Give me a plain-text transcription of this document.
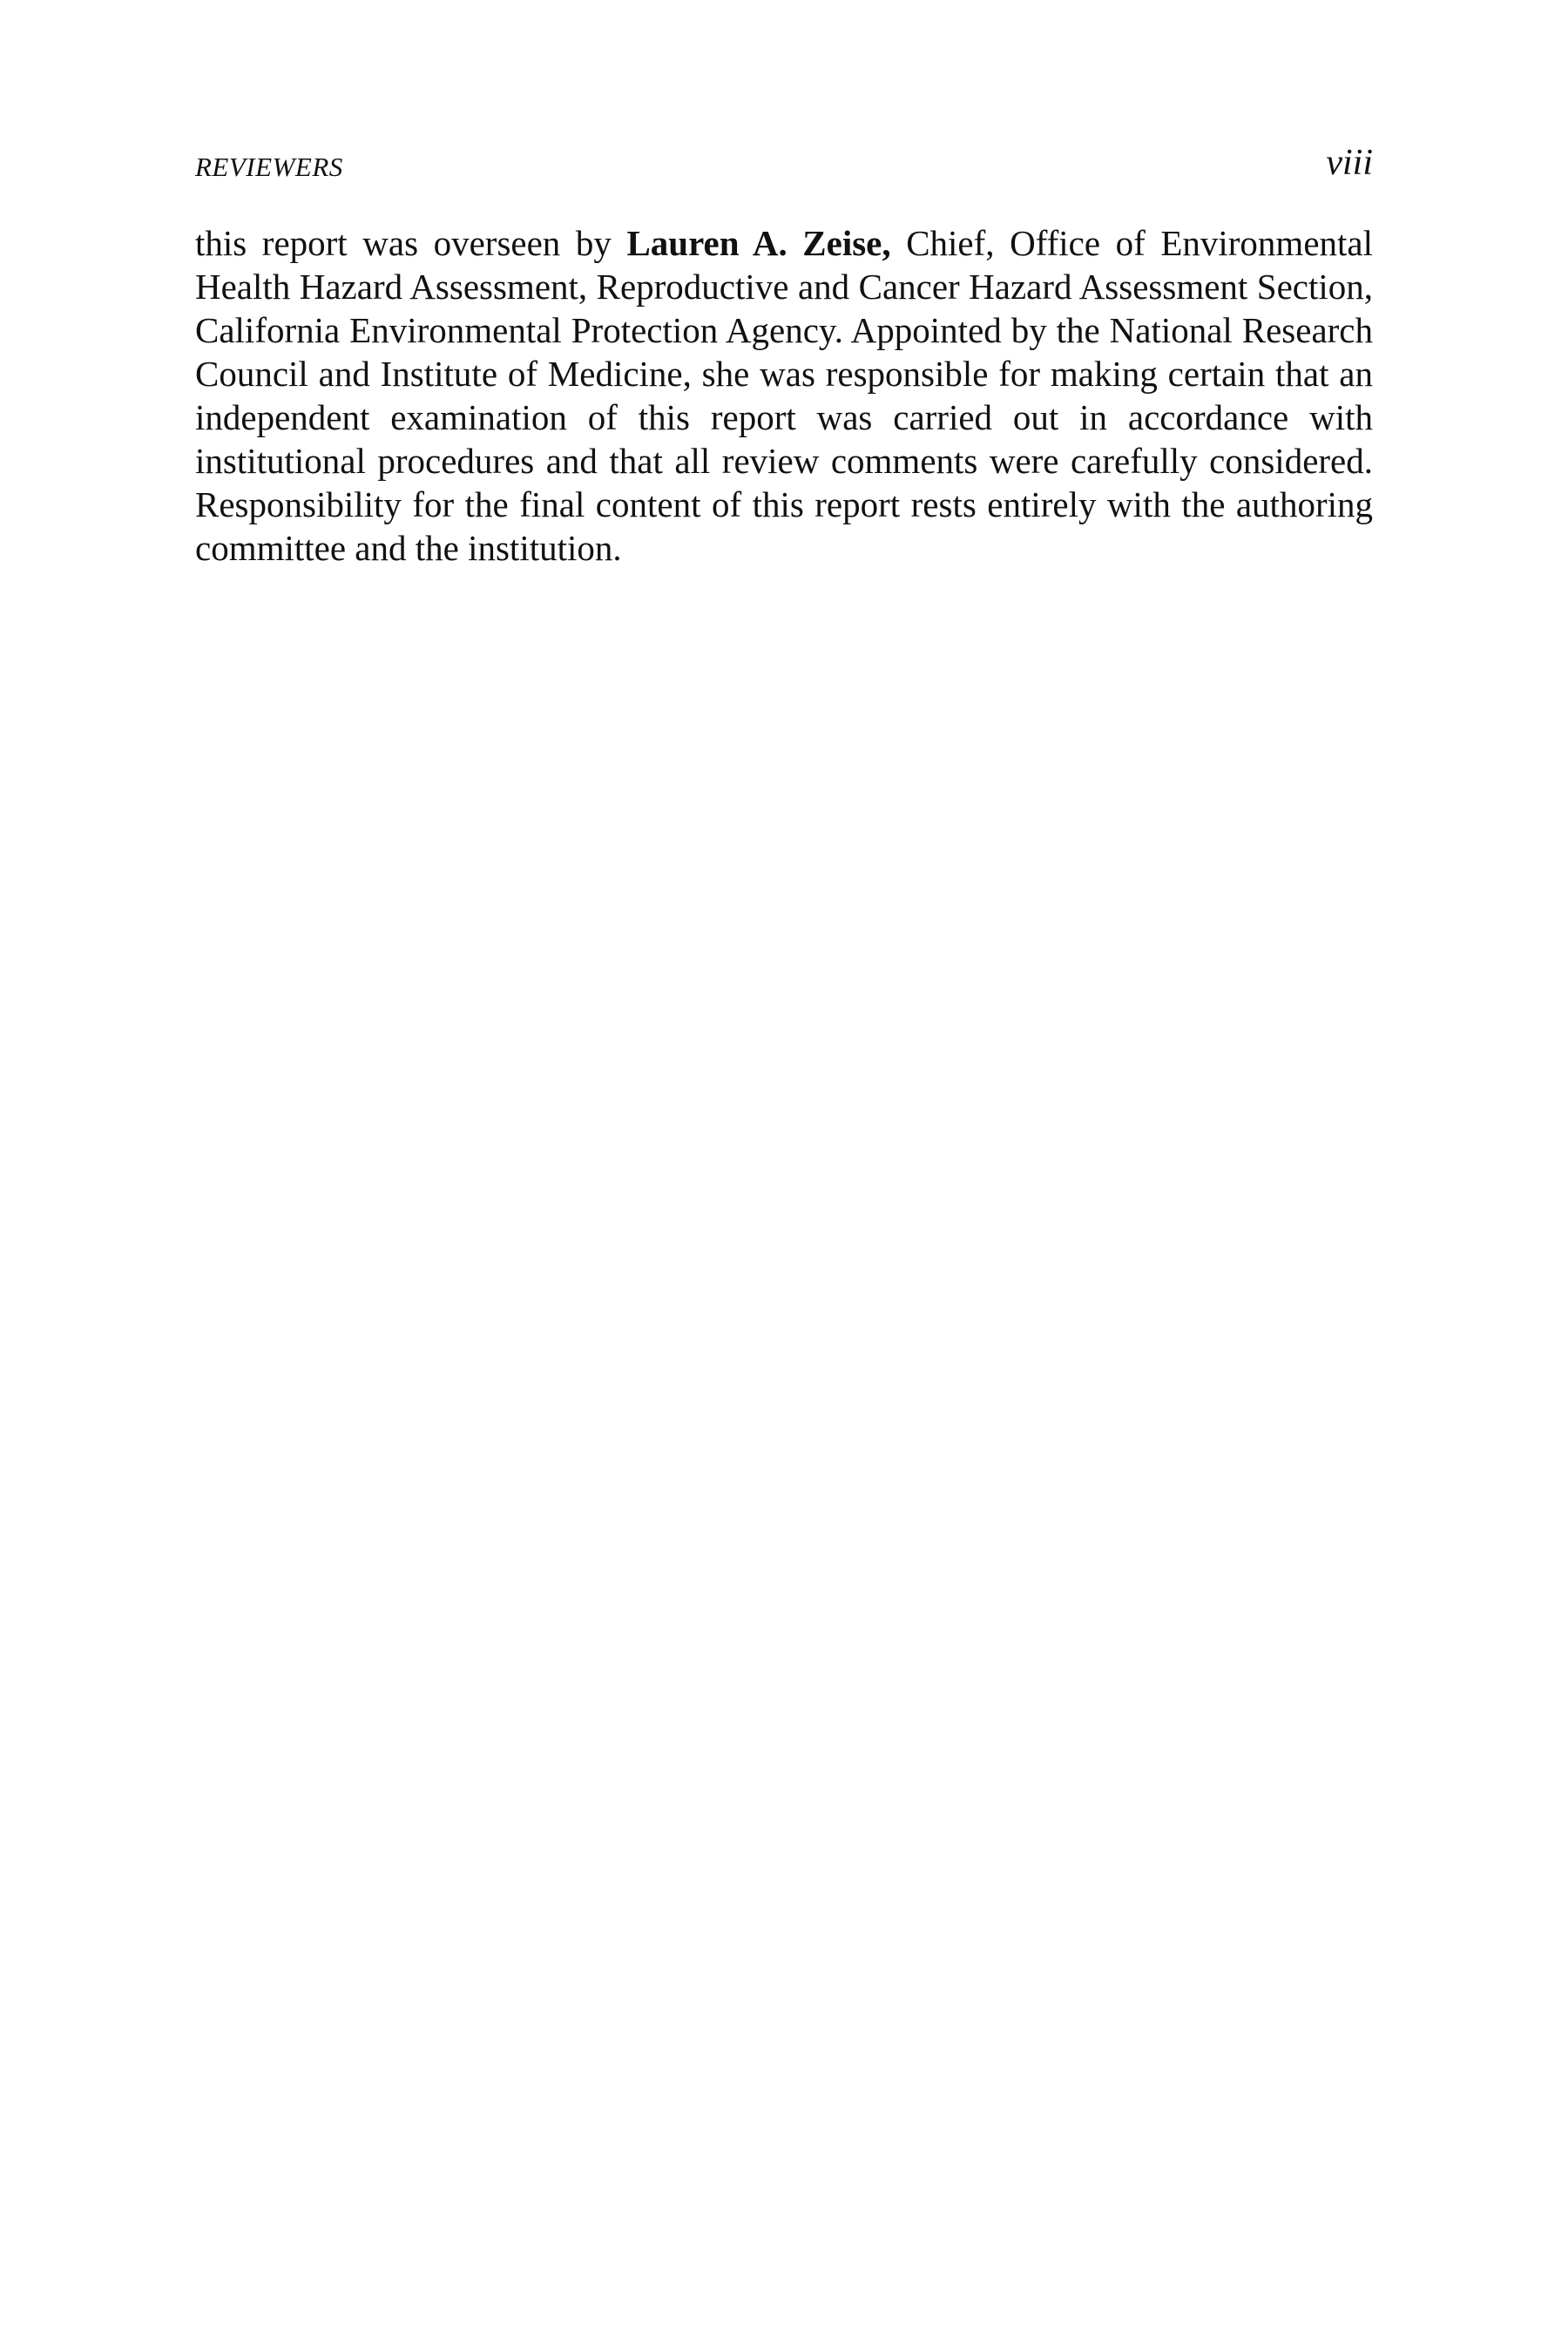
REVIEWERS	viii

this report was overseen by Lauren A. Zeise, Chief, Office of Environmental Health Hazard Assessment, Reproductive and Cancer Hazard Assessment Section, California Environmental Protection Agency. Appointed by the National Research Council and Institute of Medicine, she was responsible for making certain that an independent examination of this report was carried out in accordance with institutional procedures and that all review comments were carefully considered. Responsibility for the final content of this report rests entirely with the authoring committee and the institution.
